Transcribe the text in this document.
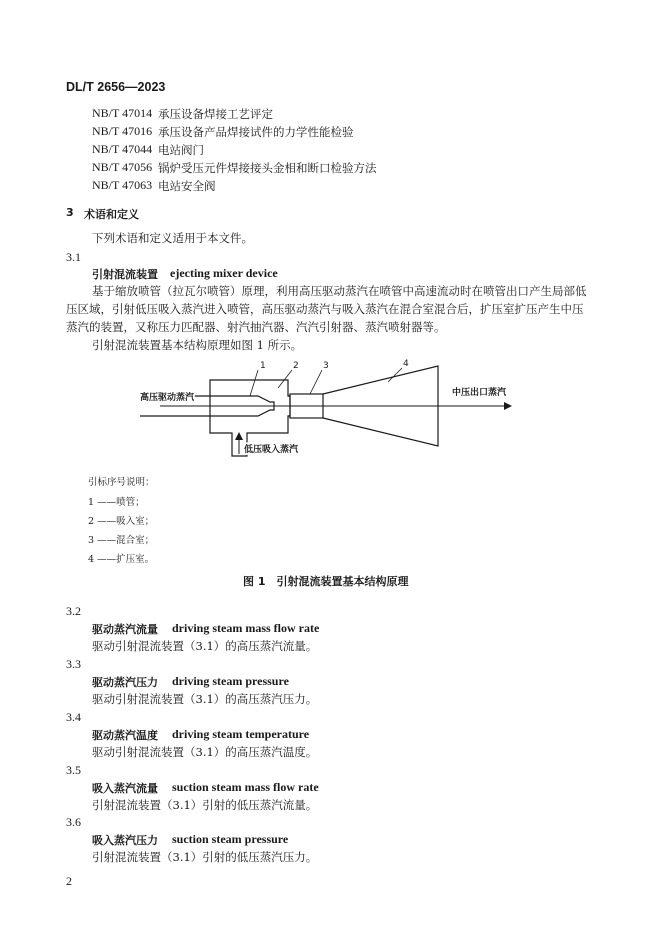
DL/T 2656—2023
NB/T 47014 承压设备焊接工艺评定
NB/T 47016 承压设备产品焊接试件的力学性能检验
NB/T 47044 电站阀门
NB/T 47056 锅炉受压元件焊接接头金相和断口检验方法
NB/T 47063 电站安全阀
3 术语和定义
下列术语和定义适用于本文件。
3.1
引射混流装置 ejecting mixer device
基于缩放喷管（拉瓦尔喷管）原理，利用高压驱动蒸汽在喷管中高速流动时在喷管出口产生局部低
压区域，引射低压吸入蒸汽进入喷管，高压驱动蒸汽与吸入蒸汽在混合室混合后，扩压室扩压产生中压
蒸汽的装置，又称压力匹配器、射汽抽汽器、汽汽引射器、蒸汽喷射器等。
引射混流装置基本结构原理如图 1 所示。
1	2	3	4
高压驱动蒸汽	中压出口蒸汽
低压吸入蒸汽
引标序号说明：
1 ——喷管；
2 ——吸入室；
3 ——混合室；
4 ——扩压室。
图 1　引射混流装置基本结构原理
3.2
驱动蒸汽流量 driving steam mass flow rate
驱动引射混流装置（3.1）的高压蒸汽流量。
3.3
驱动蒸汽压力 driving steam pressure
驱动引射混流装置（3.1）的高压蒸汽压力。
3.4
驱动蒸汽温度 driving steam temperature
驱动引射混流装置（3.1）的高压蒸汽温度。
3.5
吸入蒸汽流量 suction steam mass flow rate
引射混流装置（3.1）引射的低压蒸汽流量。
3.6
吸入蒸汽压力 suction steam pressure
引射混流装置（3.1）引射的低压蒸汽压力。
2
